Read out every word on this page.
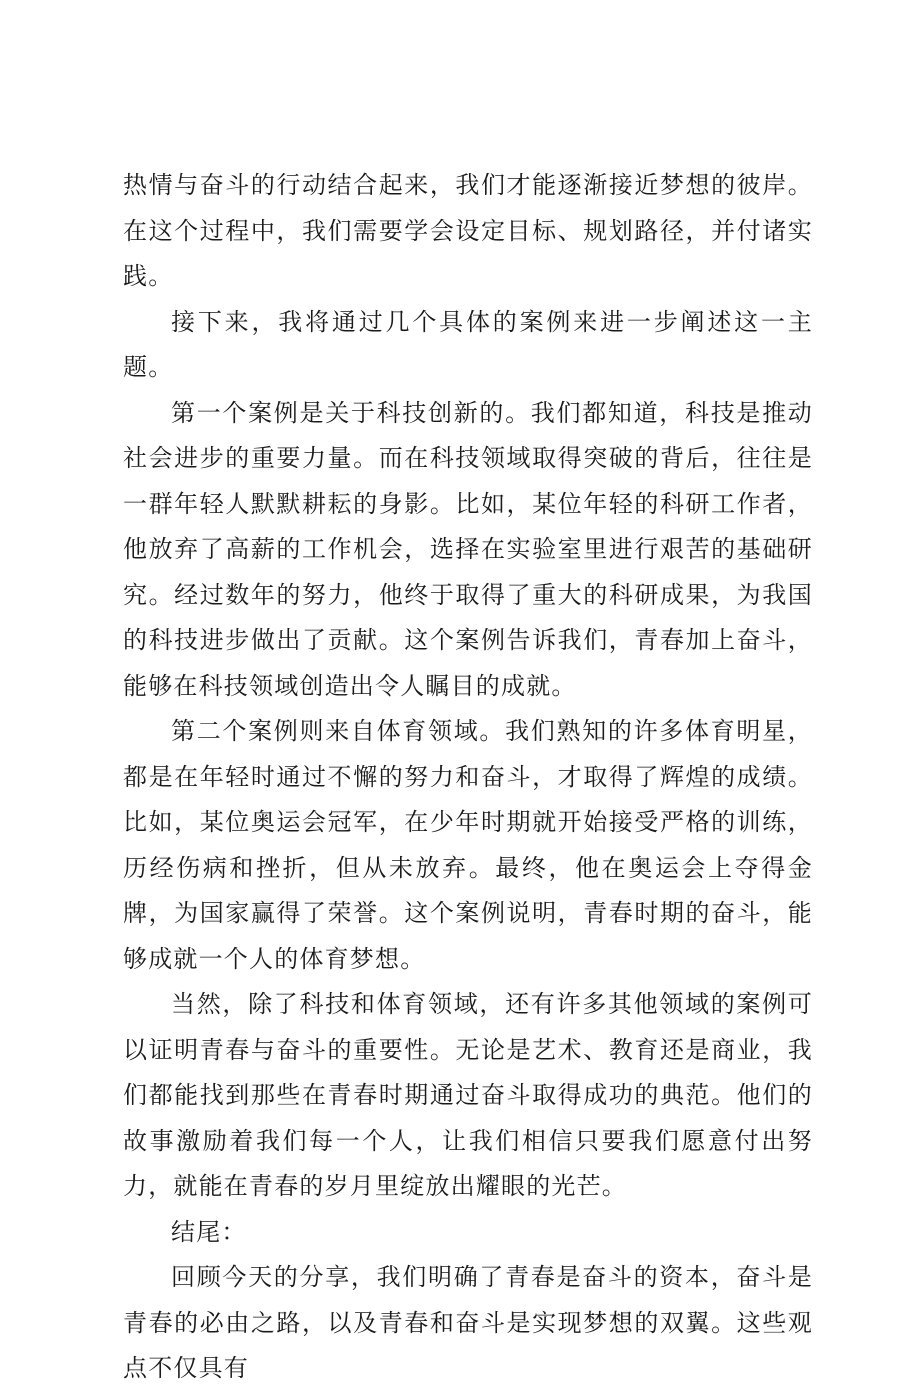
热情与奋斗的行动结合起来，我们才能逐渐接近梦想的彼岸。在这个过程中，我们需要学会设定目标、规划路径，并付诸实践。

接下来，我将通过几个具体的案例来进一步阐述这一主题。

第一个案例是关于科技创新的。我们都知道，科技是推动社会进步的重要力量。而在科技领域取得突破的背后，往往是一群年轻人默默耕耘的身影。比如，某位年轻的科研工作者，他放弃了高薪的工作机会，选择在实验室里进行艰苦的基础研究。经过数年的努力，他终于取得了重大的科研成果，为我国的科技进步做出了贡献。这个案例告诉我们，青春加上奋斗，能够在科技领域创造出令人瞩目的成就。

第二个案例则来自体育领域。我们熟知的许多体育明星，都是在年轻时通过不懈的努力和奋斗，才取得了辉煌的成绩。比如，某位奥运会冠军，在少年时期就开始接受严格的训练，历经伤病和挫折，但从未放弃。最终，他在奥运会上夺得金牌，为国家赢得了荣誉。这个案例说明，青春时期的奋斗，能够成就一个人的体育梦想。

当然，除了科技和体育领域，还有许多其他领域的案例可以证明青春与奋斗的重要性。无论是艺术、教育还是商业，我们都能找到那些在青春时期通过奋斗取得成功的典范。他们的故事激励着我们每一个人，让我们相信只要我们愿意付出努力，就能在青春的岁月里绽放出耀眼的光芒。

结尾：

回顾今天的分享，我们明确了青春是奋斗的资本，奋斗是青春的必由之路，以及青春和奋斗是实现梦想的双翼。这些观点不仅具有
